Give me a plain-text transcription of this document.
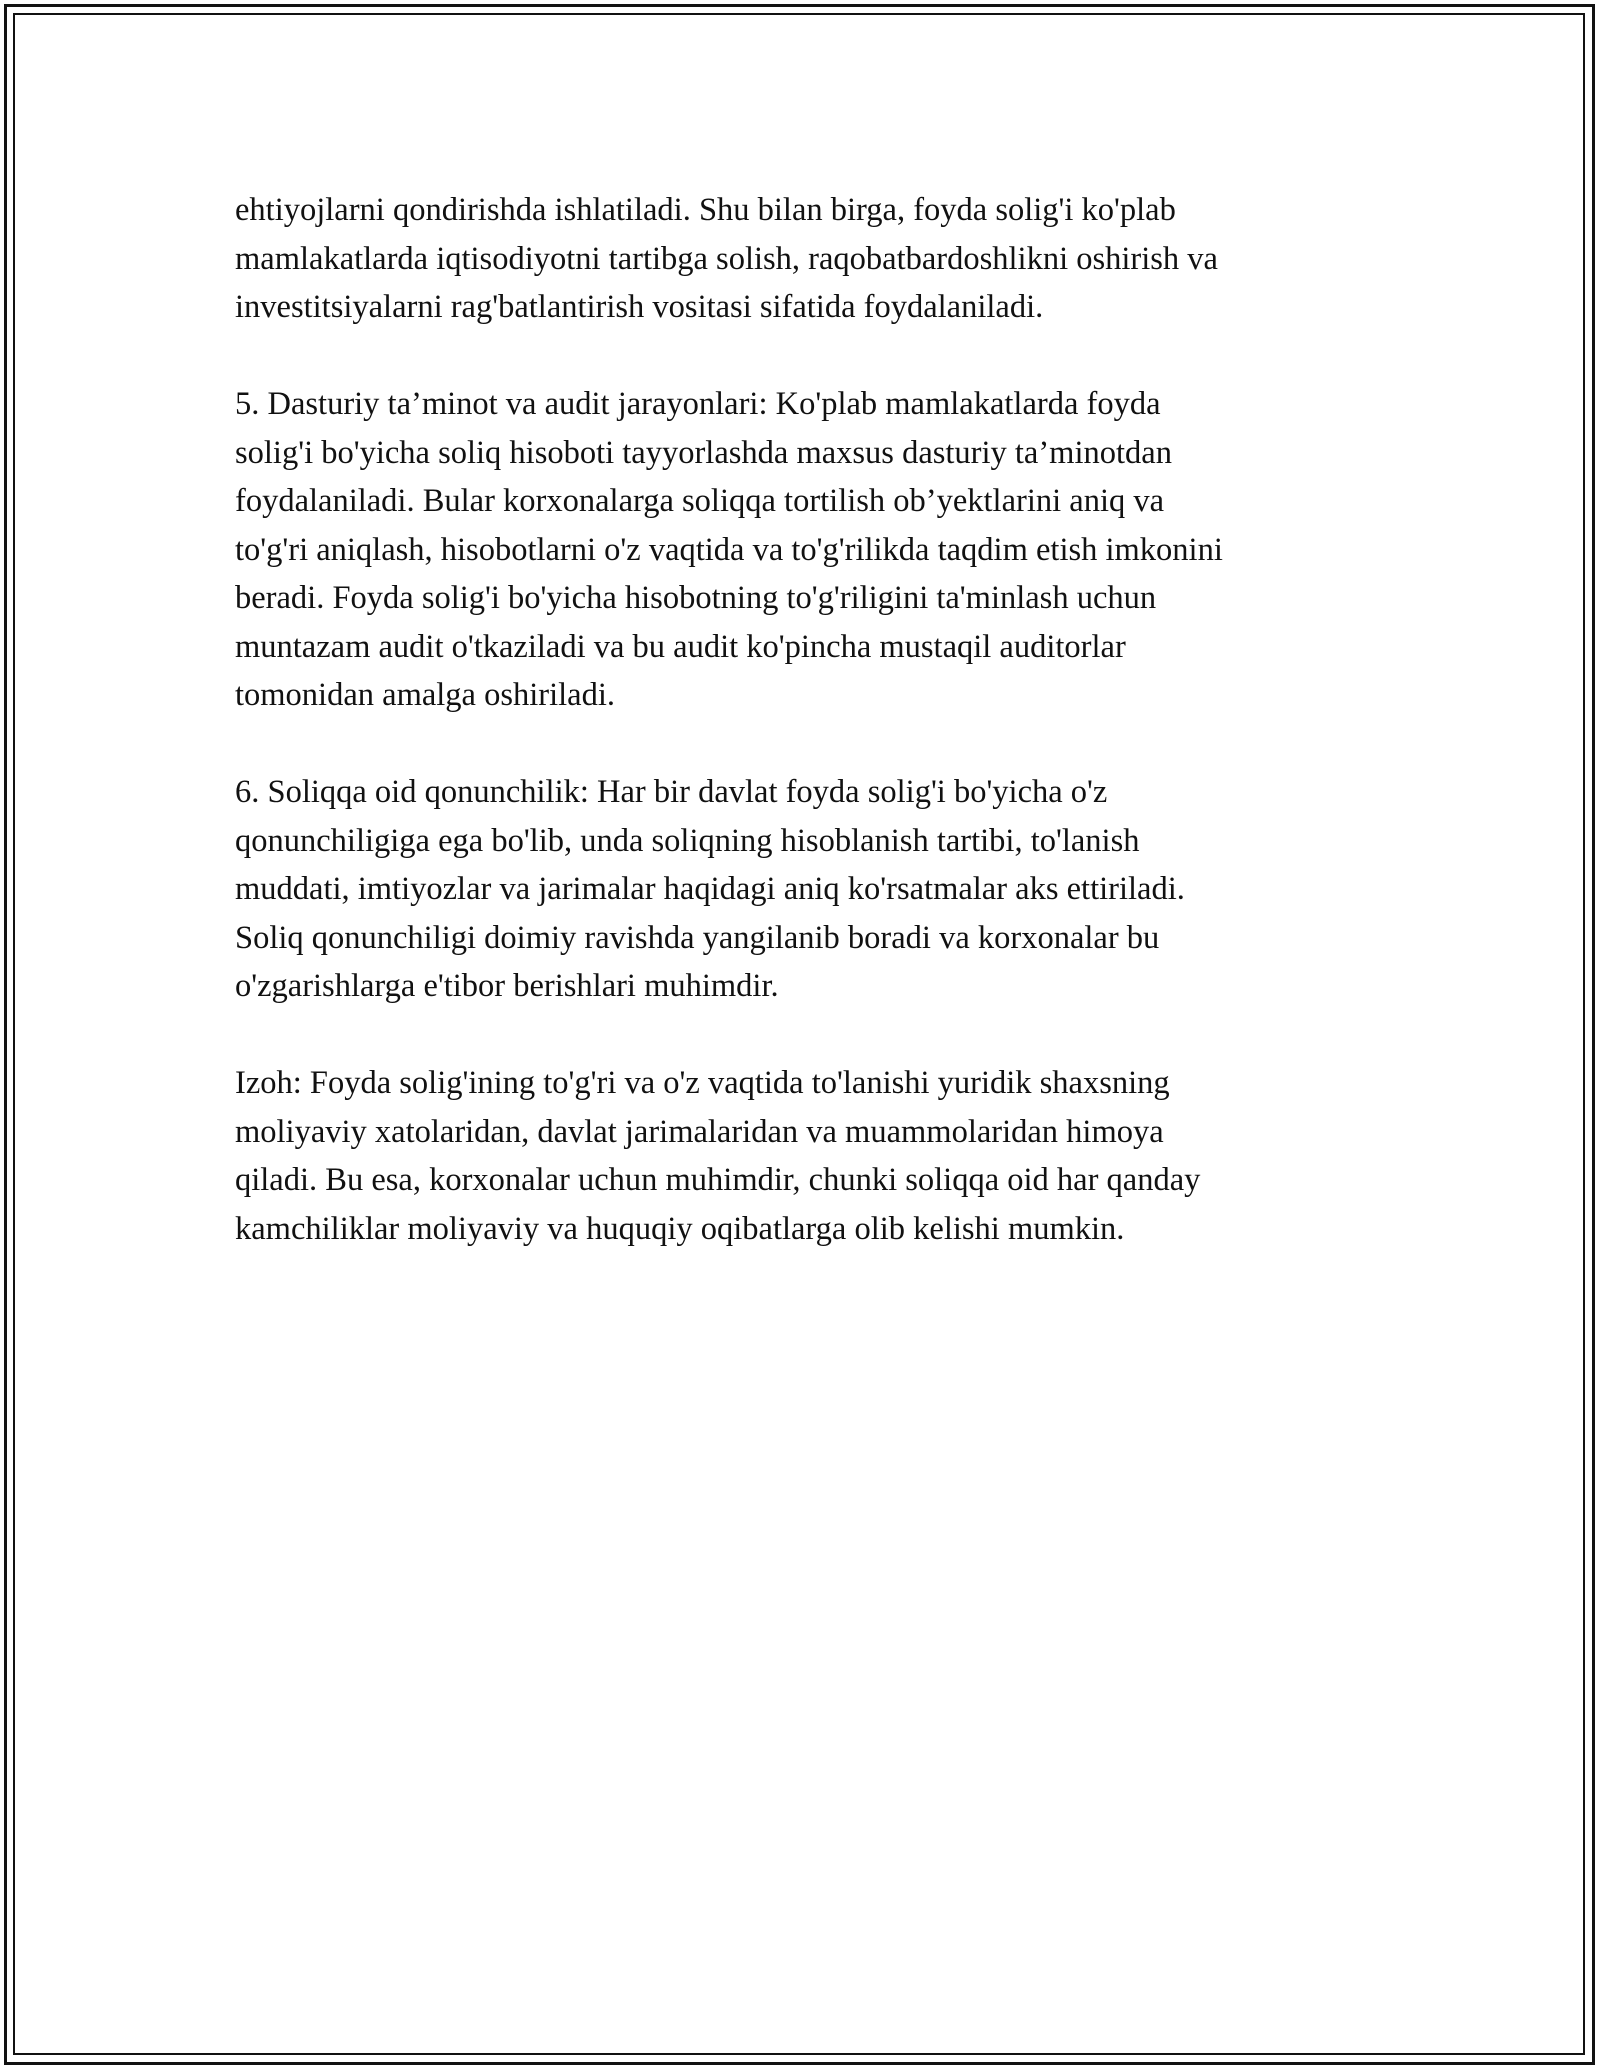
ehtiyojlarni qondirishda ishlatiladi. Shu bilan birga, foyda solig'i ko'plab
mamlakatlarda iqtisodiyotni tartibga solish, raqobatbardoshlikni oshirish va
investitsiyalarni rag'batlantirish vositasi sifatida foydalaniladi.
5. Dasturiy ta’minot va audit jarayonlari: Ko'plab mamlakatlarda foyda
solig'i bo'yicha soliq hisoboti tayyorlashda maxsus dasturiy ta’minotdan
foydalaniladi. Bular korxonalarga soliqqa tortilish ob’yektlarini aniq va
to'g'ri aniqlash, hisobotlarni o'z vaqtida va to'g'rilikda taqdim etish imkonini
beradi. Foyda solig'i bo'yicha hisobotning to'g'riligini ta'minlash uchun
muntazam audit o'tkaziladi va bu audit ko'pincha mustaqil auditorlar
tomonidan amalga oshiriladi.
6. Soliqqa oid qonunchilik: Har bir davlat foyda solig'i bo'yicha o'z
qonunchiligiga ega bo'lib, unda soliqning hisoblanish tartibi, to'lanish
muddati, imtiyozlar va jarimalar haqidagi aniq ko'rsatmalar aks ettiriladi.
Soliq qonunchiligi doimiy ravishda yangilanib boradi va korxonalar bu
o'zgarishlarga e'tibor berishlari muhimdir.
Izoh: Foyda solig'ining to'g'ri va o'z vaqtida to'lanishi yuridik shaxsning
moliyaviy xatolaridan, davlat jarimalaridan va muammolaridan himoya
qiladi. Bu esa, korxonalar uchun muhimdir, chunki soliqqa oid har qanday
kamchiliklar moliyaviy va huquqiy oqibatlarga olib kelishi mumkin.
